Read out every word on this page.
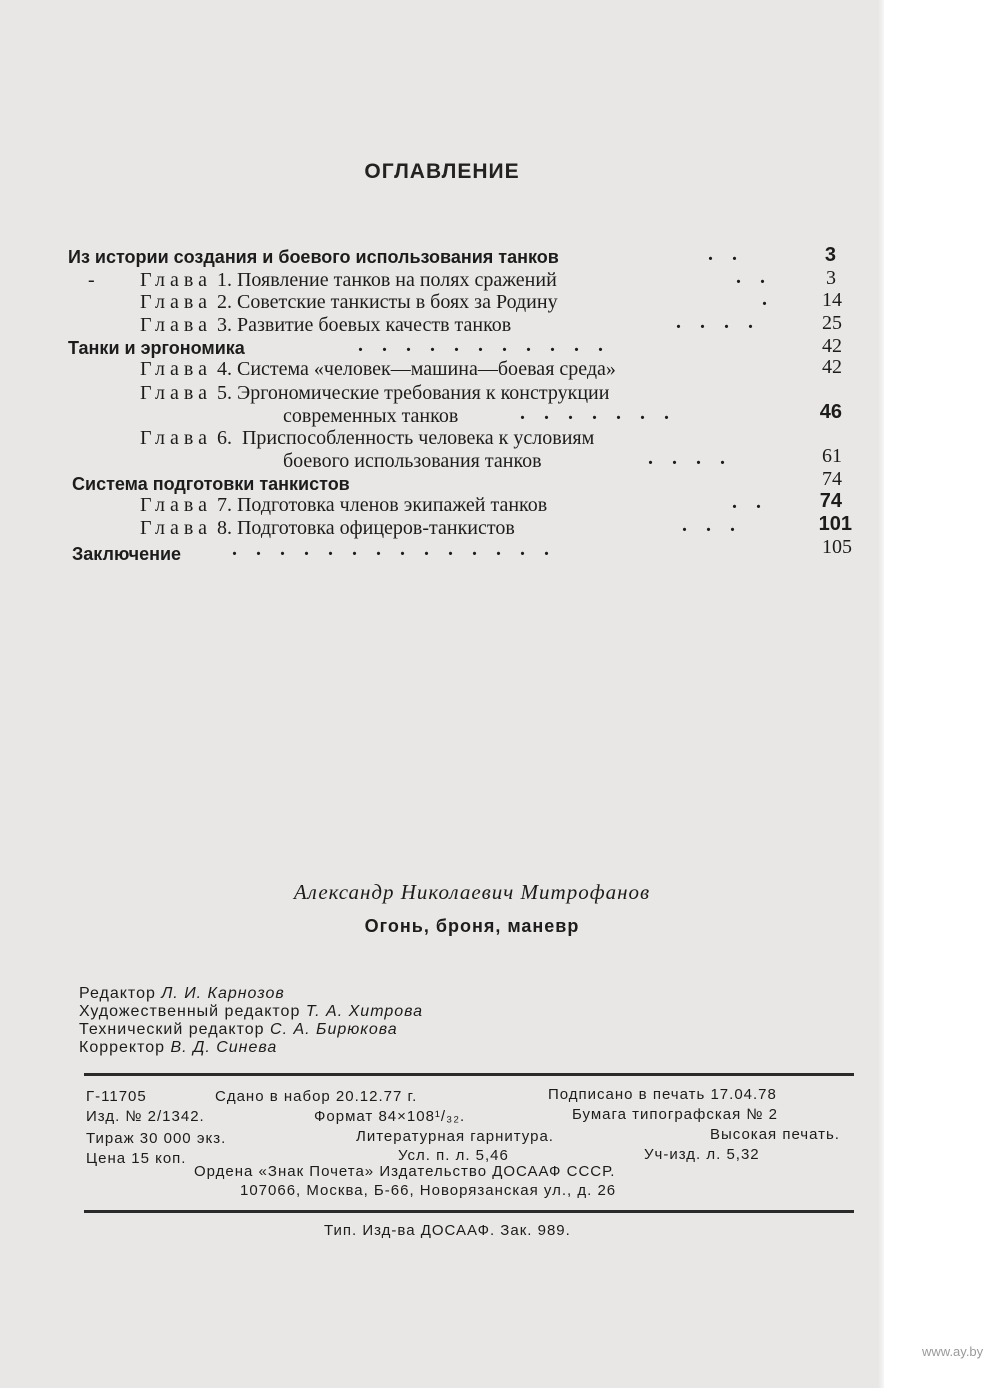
www.ay.by
ОГЛАВЛЕНИЕ
Из истории создания и боевого использования танков	..	3
- Глава 1. Появление танков на полях сражений	..	3
Глава 2. Советские танкисты в боях за Родину	.	14
Глава 3. Развитие боевых качеств танков	....	25
Танки и эргономика	...........	42
Глава 4. Система «человек—машина—боевая среда»	42
Глава 5. Эргономические требования к конструкции
современных танков	.......	46
Глава 6. Приспособленность человека к условиям
боевого использования танков	....	61
Система подготовки танкистов	74
Глава 7. Подготовка членов экипажей танков	..	74
Глава 8. Подготовка офицеров-танкистов	...	101
Заключение	..............	105
Александр Николаевич Митрофанов
Огонь, броня, маневр
Редактор Л. И. Карнозов
Художественный редактор Т. А. Хитрова
Технический редактор С. А. Бирюкова
Корректор В. Д. Синева
Г-11705	Сдано в набор 20.12.77 г.	Подписано в печать 17.04.78
Изд. № 2/1342.	Формат 84×108¹/₃₂.	Бумага типографская № 2
Тираж 30 000 экз.	Литературная гарнитура.	Высокая печать.
Цена 15 коп.	Усл. п. л. 5,46	Уч-изд. л. 5,32
Ордена «Знак Почета» Издательство ДОСААФ СССР.
107066, Москва, Б-66, Новорязанская ул., д. 26
Тип. Изд-ва ДОСААФ. Зак. 989.
